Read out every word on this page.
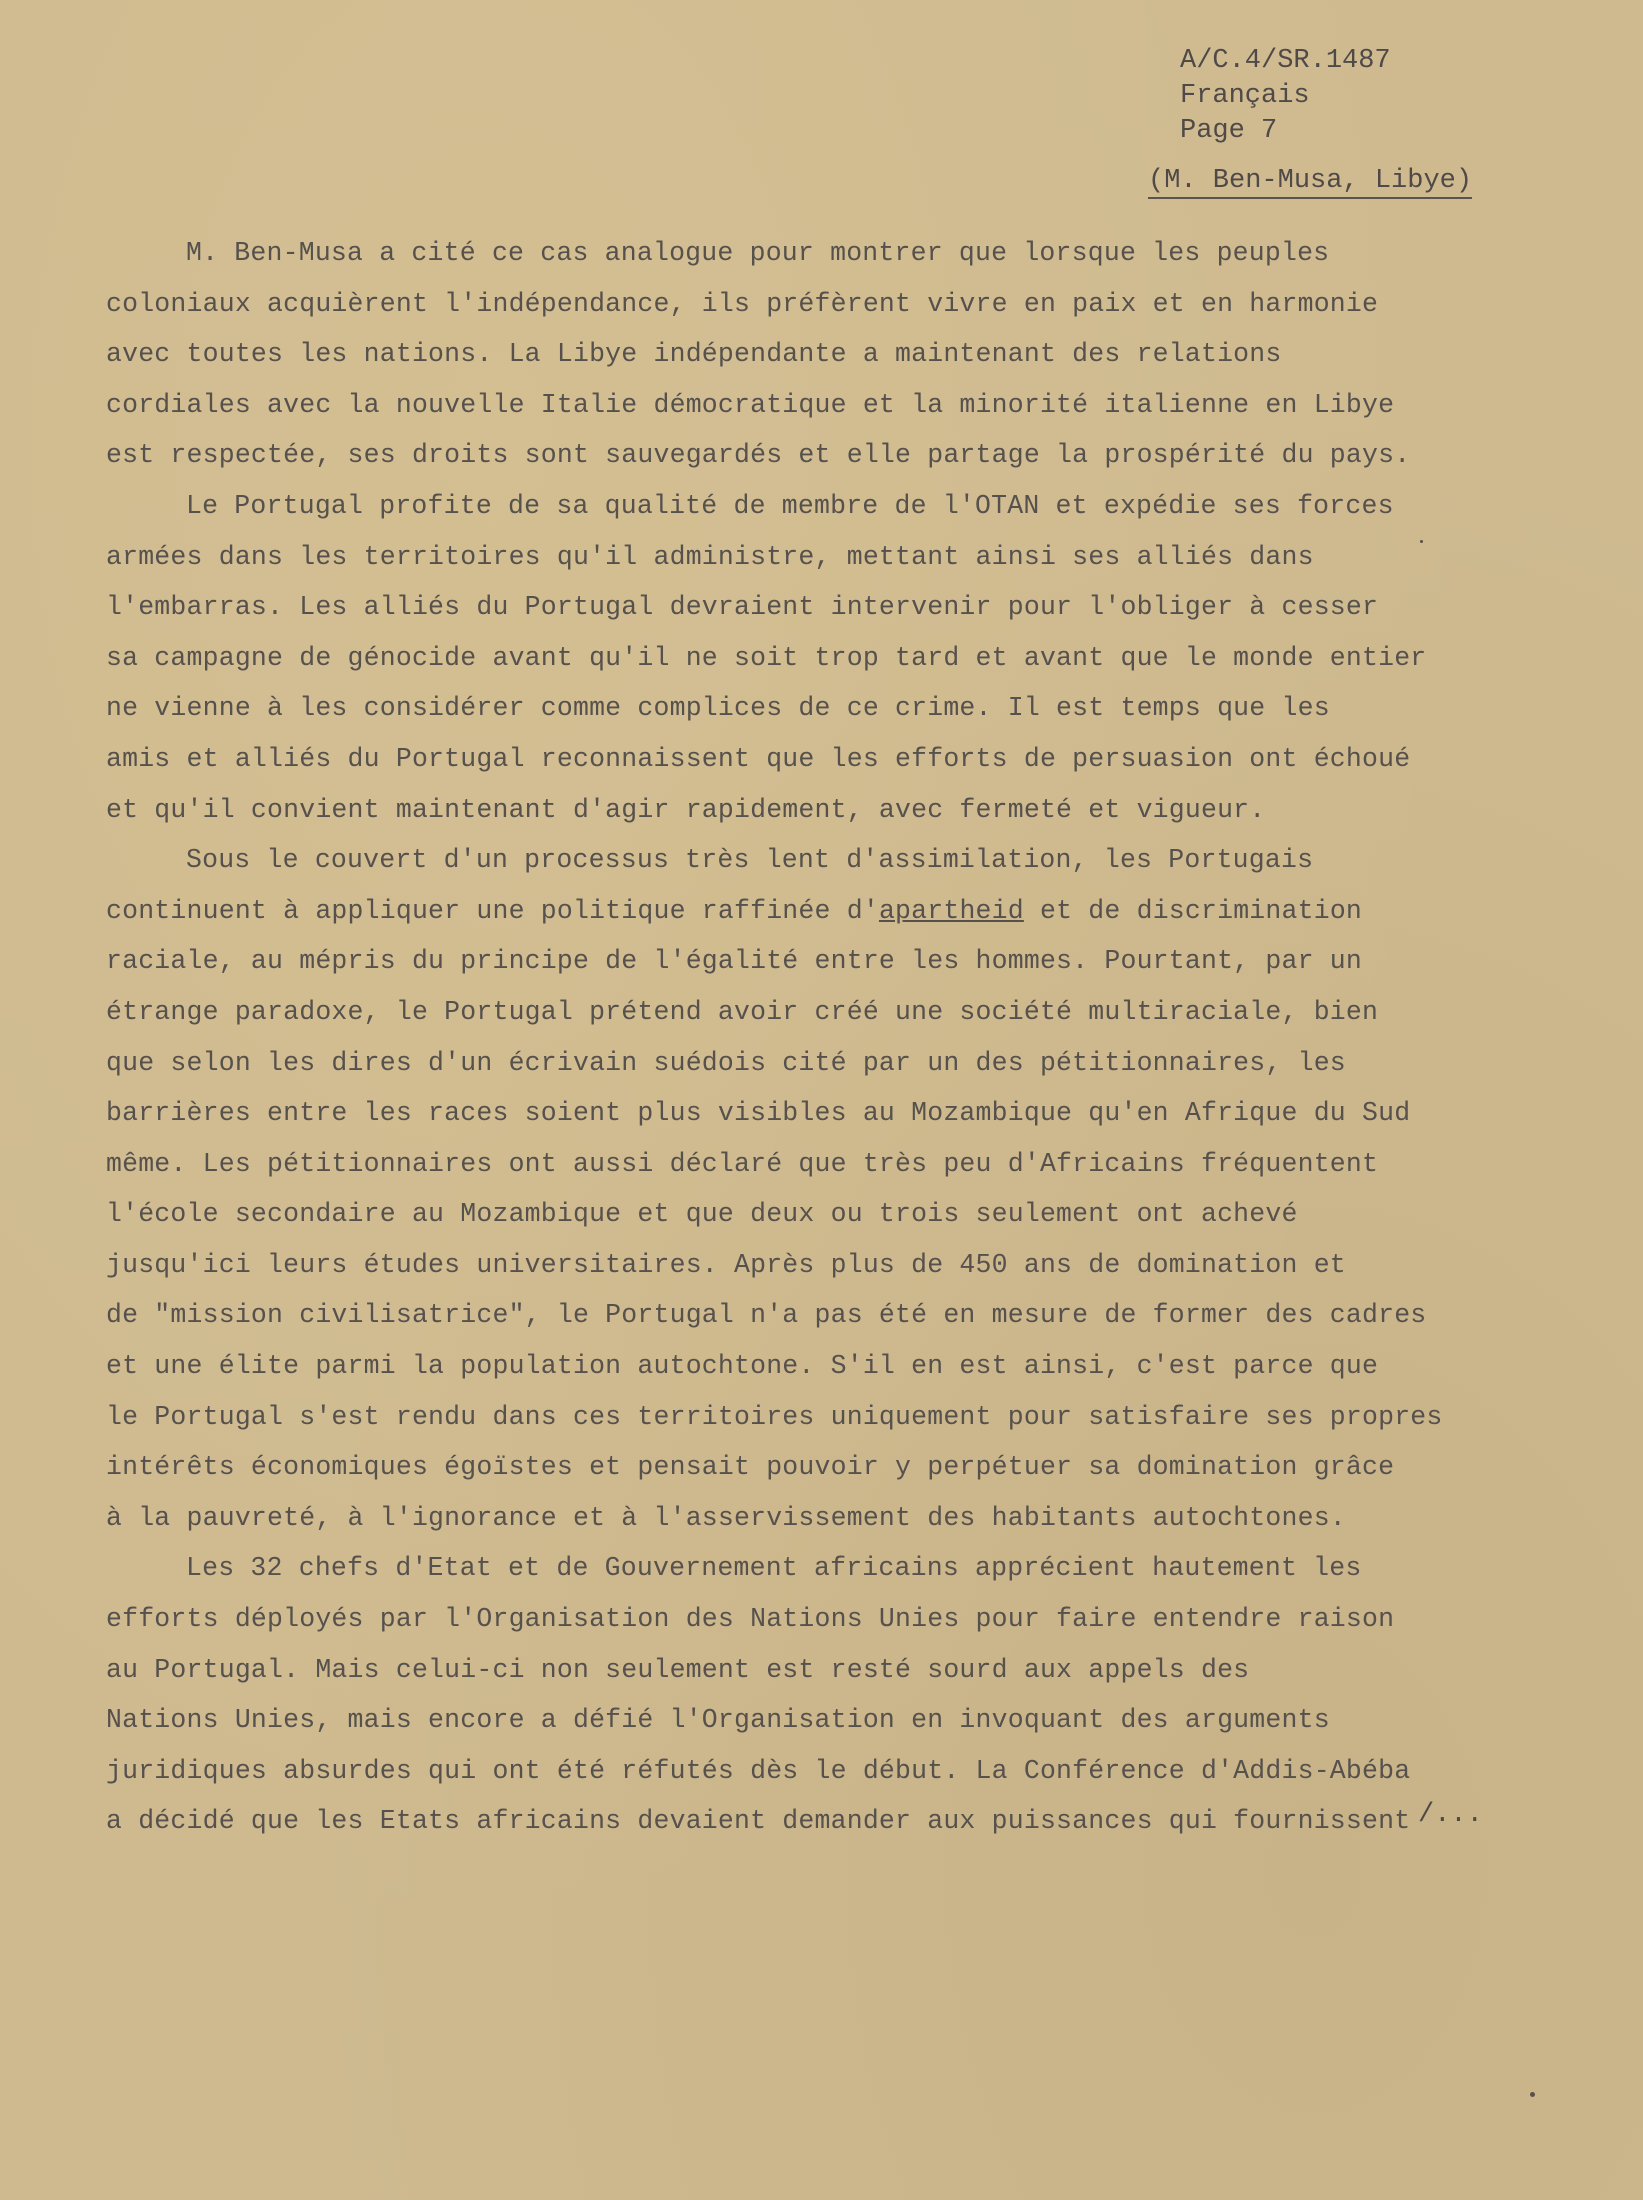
A/C.4/SR.1487
Français
Page 7
(M. Ben-Musa, Libye)
M. Ben-Musa a cité ce cas analogue pour montrer que lorsque les peuples
coloniaux acquièrent l'indépendance, ils préfèrent vivre en paix et en harmonie
avec toutes les nations. La Libye indépendante a maintenant des relations
cordiales avec la nouvelle Italie démocratique et la minorité italienne en Libye
est respectée, ses droits sont sauvegardés et elle partage la prospérité du pays.
Le Portugal profite de sa qualité de membre de l'OTAN et expédie ses forces
armées dans les territoires qu'il administre, mettant ainsi ses alliés dans
l'embarras. Les alliés du Portugal devraient intervenir pour l'obliger à cesser
sa campagne de génocide avant qu'il ne soit trop tard et avant que le monde entier
ne vienne à les considérer comme complices de ce crime. Il est temps que les
amis et alliés du Portugal reconnaissent que les efforts de persuasion ont échoué
et qu'il convient maintenant d'agir rapidement, avec fermeté et vigueur.
Sous le couvert d'un processus très lent d'assimilation, les Portugais
continuent à appliquer une politique raffinée d'apartheid et de discrimination
raciale, au mépris du principe de l'égalité entre les hommes. Pourtant, par un
étrange paradoxe, le Portugal prétend avoir créé une société multiraciale, bien
que selon les dires d'un écrivain suédois cité par un des pétitionnaires, les
barrières entre les races soient plus visibles au Mozambique qu'en Afrique du Sud
même. Les pétitionnaires ont aussi déclaré que très peu d'Africains fréquentent
l'école secondaire au Mozambique et que deux ou trois seulement ont achevé
jusqu'ici leurs études universitaires. Après plus de 450 ans de domination et
de "mission civilisatrice", le Portugal n'a pas été en mesure de former des cadres
et une élite parmi la population autochtone. S'il en est ainsi, c'est parce que
le Portugal s'est rendu dans ces territoires uniquement pour satisfaire ses propres
intérêts économiques égoïstes et pensait pouvoir y perpétuer sa domination grâce
à la pauvreté, à l'ignorance et à l'asservissement des habitants autochtones.
Les 32 chefs d'Etat et de Gouvernement africains apprécient hautement les
efforts déployés par l'Organisation des Nations Unies pour faire entendre raison
au Portugal. Mais celui-ci non seulement est resté sourd aux appels des
Nations Unies, mais encore a défié l'Organisation en invoquant des arguments
juridiques absurdes qui ont été réfutés dès le début. La Conférence d'Addis-Abéba
a décidé que les Etats africains devaient demander aux puissances qui fournissent /...
